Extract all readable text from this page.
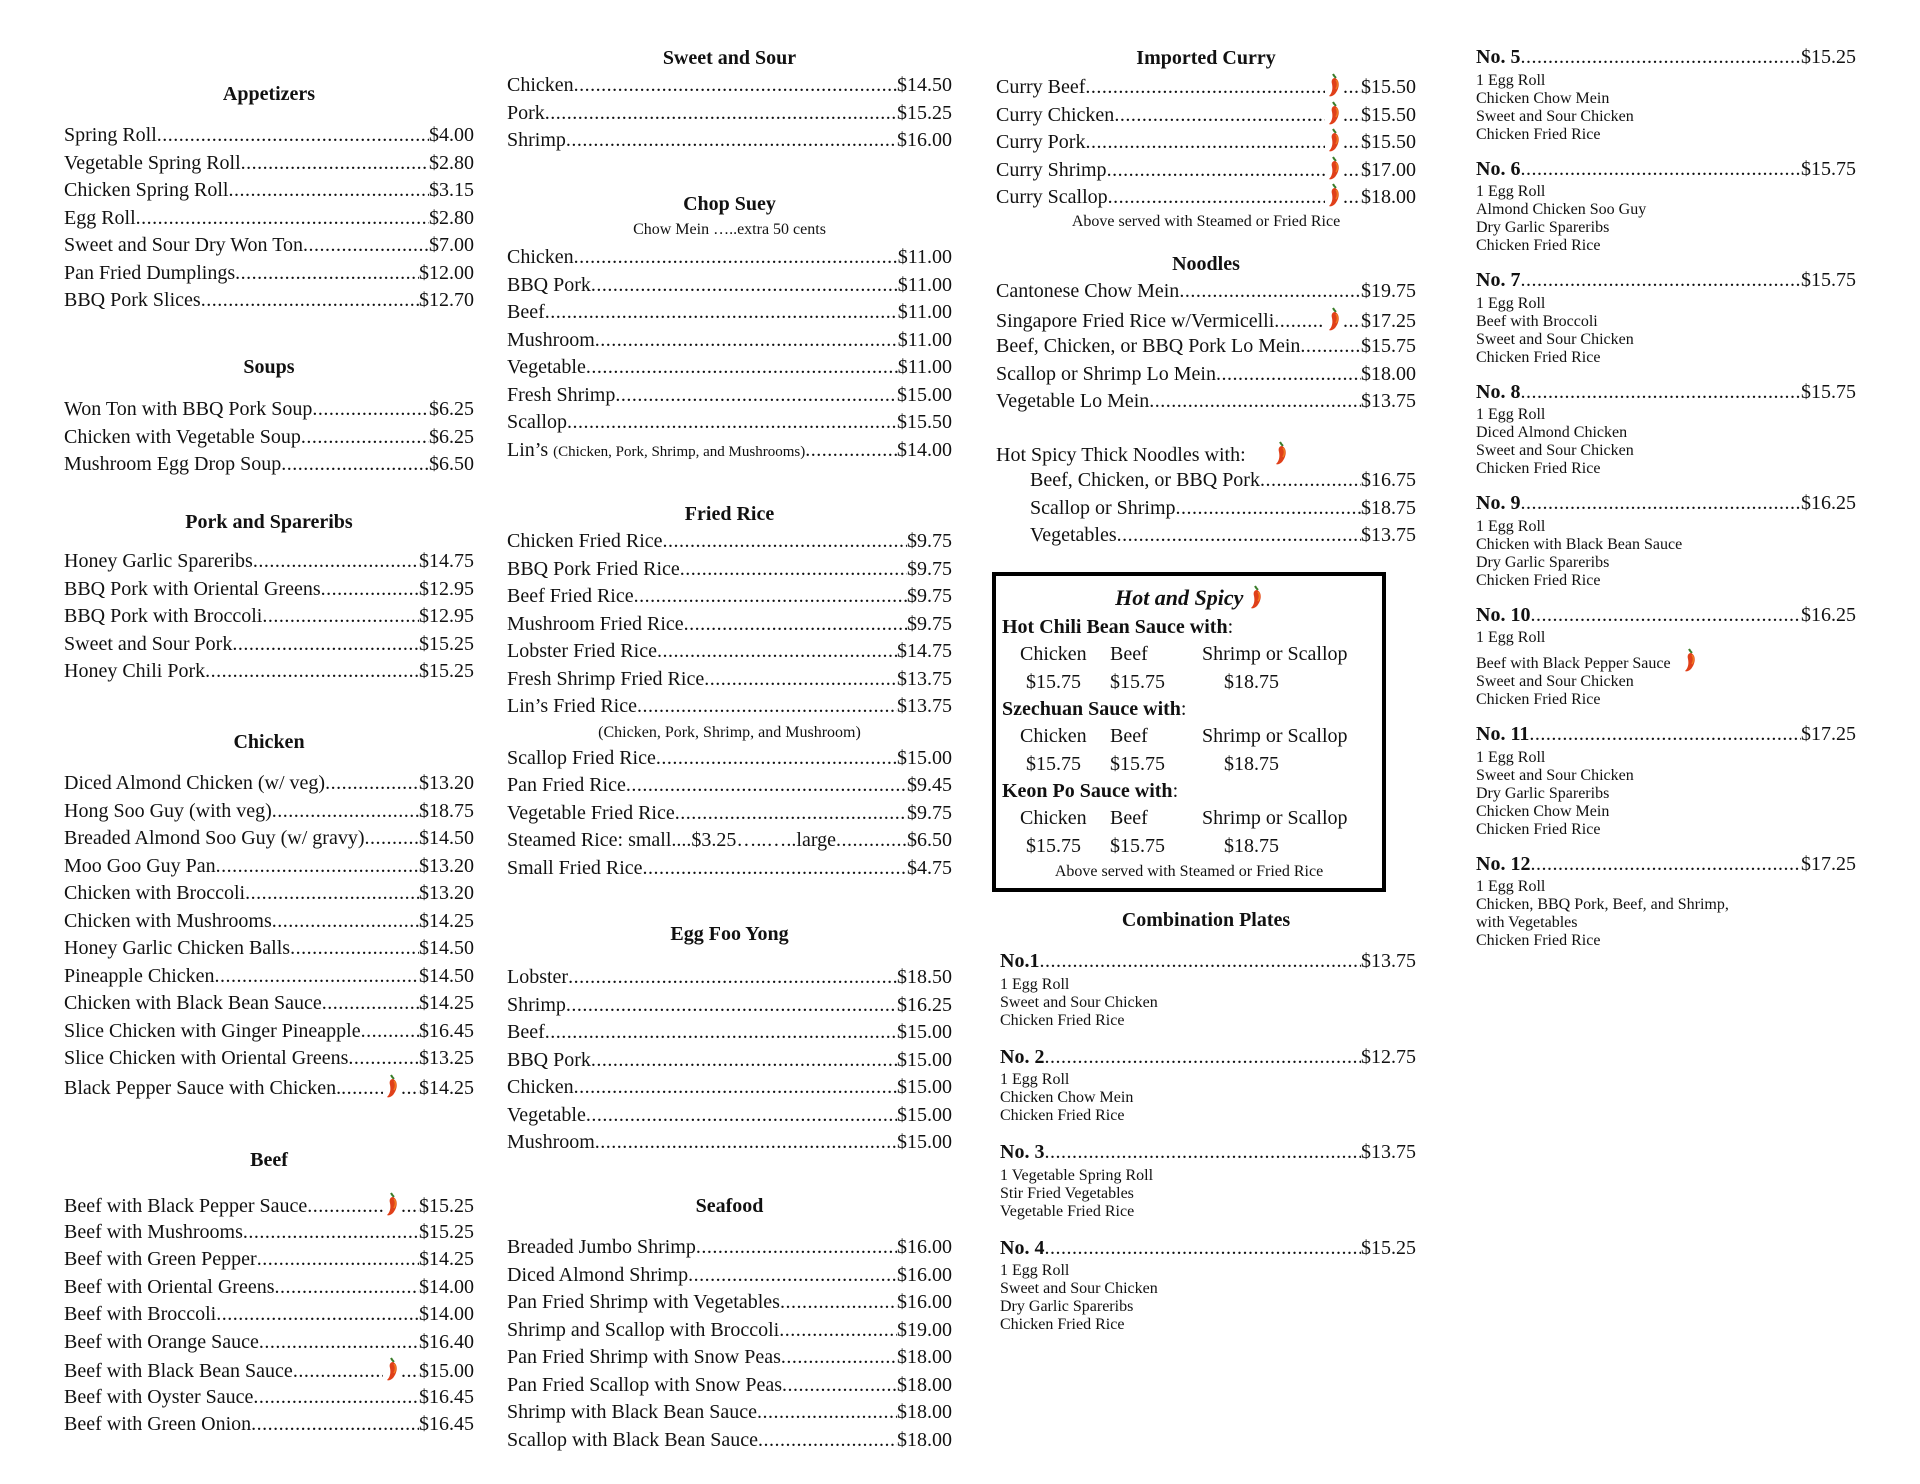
Appetizers
Spring Roll .....	$4.00
Vegetable Spring Roll .....	$2.80
Chicken Spring Roll .....	$3.15
Egg Roll .....	$2.80
Sweet and Sour Dry Won Ton .....	$7.00
Pan Fried Dumplings .....	$12.00
BBQ Pork Slices .....	$12.70
Soups
Won Ton with BBQ Pork Soup .....	$6.25
Chicken with Vegetable Soup .....	$6.25
Mushroom Egg Drop Soup .....	$6.50
Pork and Spareribs
Honey Garlic Spareribs .....	$14.75
BBQ Pork with Oriental Greens .....	$12.95
BBQ Pork with Broccoli .....	$12.95
Sweet and Sour Pork .....	$15.25
Honey Chili Pork .....	$15.25
Chicken
Diced Almond Chicken (w/ veg) .....	$13.20
Hong Soo Guy (with veg) .....	$18.75
Breaded Almond Soo Guy (w/ gravy) .....	$14.50
Moo Goo Guy Pan .....	$13.20
Chicken with Broccoli .....	$13.20
Chicken with Mushrooms .....	$14.25
Honey Garlic Chicken Balls .....	$14.50
Pineapple Chicken .....	$14.50
Chicken with Black Bean Sauce .....	$14.25
Slice Chicken with Ginger Pineapple .....	$16.45
Slice Chicken with Oriental Greens .....	$13.25
Black Pepper Sauce with Chicken. ..... .....	$14.25
Beef
Beef with Black Pepper Sauce ..... .....	$15.25
Beef with Mushrooms .....	$15.25
Beef with Green Pepper .....	$14.25
Beef with Oriental Greens .....	$14.00
Beef with Broccoli .....	$14.00
Beef with Orange Sauce .....	$16.40
Beef with Black Bean Sauce ..... .....	$15.00
Beef with Oyster Sauce .....	$16.45
Beef with Green Onion .....	$16.45
Sweet and Sour
Chicken .....	$14.50
Pork .....	$15.25
Shrimp .....	$16.00
Chop Suey
Chow Mein …..extra 50 cents
Chicken .....	$11.00
BBQ Pork .....	$11.00
Beef .....	$11.00
Mushroom .....	$11.00
Vegetable .....	$11.00
Fresh Shrimp .....	$15.00
Scallop .....	$15.50
Lin’s (Chicken, Pork, Shrimp, and Mushrooms) .....	$14.00
Fried Rice
Chicken Fried Rice .....	$9.75
BBQ Pork Fried Rice .....	$9.75
Beef Fried Rice .....	$9.75
Mushroom Fried Rice .....	$9.75
Lobster Fried Rice .....	$14.75
Fresh Shrimp Fried Rice .....	$13.75
Lin’s Fried Rice .....	$13.75
(Chicken, Pork, Shrimp, and Mushroom)
Scallop Fried Rice .....	$15.00
Pan Fried Rice .....	$9.45
Vegetable Fried Rice .....	$9.75
Steamed Rice: small....$3.25…..…..large .....	$6.50
Small Fried Rice .....	$4.75
Egg Foo Yong
Lobster .....	$18.50
Shrimp .....	$16.25
Beef .....	$15.00
BBQ Pork .....	$15.00
Chicken .....	$15.00
Vegetable .....	$15.00
Mushroom .....	$15.00
Seafood
Breaded Jumbo Shrimp .....	$16.00
Diced Almond Shrimp .....	$16.00
Pan Fried Shrimp with Vegetables .....	$16.00
Shrimp and Scallop with Broccoli .....	$19.00
Pan Fried Shrimp with Snow Peas .....	$18.00
Pan Fried Scallop with Snow Peas .....	$18.00
Shrimp with Black Bean Sauce .....	$18.00
Scallop with Black Bean Sauce .....	$18.00
Imported Curry
Curry Beef ..... .....	$15.50
Curry Chicken ..... .....	$15.50
Curry Pork ..... .....	$15.50
Curry Shrimp ..... .....	$17.00
Curry Scallop ..... .....	$18.00
Above served with Steamed or Fried Rice
Noodles
Cantonese Chow Mein .....	$19.75
Singapore Fried Rice w/Vermicelli ..... .....	$17.25
Beef, Chicken, or BBQ Pork Lo Mein .....	$15.75
Scallop or Shrimp Lo Mein .....	$18.00
Vegetable Lo Mein .....	$13.75
Hot Spicy Thick Noodles with:
Beef, Chicken, or BBQ Pork .....	$16.75
Scallop or Shrimp .....	$18.75
Vegetables .....	$13.75
Hot and Spicy
Hot Chili Bean Sauce with:
Chicken	Beef	Shrimp or Scallop
$15.75	$15.75	$18.75
Szechuan Sauce with:
Chicken	Beef	Shrimp or Scallop
$15.75	$15.75	$18.75
Keon Po Sauce with:
Chicken	Beef	Shrimp or Scallop
$15.75	$15.75	$18.75
Above served with Steamed or Fried Rice
Combination Plates
No.1 .....	$13.75
1 Egg Roll
Sweet and Sour Chicken
Chicken Fried Rice
No. 2 .....	$12.75
1 Egg Roll
Chicken Chow Mein
Chicken Fried Rice
No. 3 .....	$13.75
1 Vegetable Spring Roll
Stir Fried Vegetables
Vegetable Fried Rice
No. 4 .....	$15.25
1 Egg Roll
Sweet and Sour Chicken
Dry Garlic Spareribs
Chicken Fried Rice
No. 5 .....	$15.25
1 Egg Roll
Chicken Chow Mein
Sweet and Sour Chicken
Chicken Fried Rice
No. 6 .....	$15.75
1 Egg Roll
Almond Chicken Soo Guy
Dry Garlic Spareribs
Chicken Fried Rice
No. 7 .....	$15.75
1 Egg Roll
Beef with Broccoli
Sweet and Sour Chicken
Chicken Fried Rice
No. 8 .....	$15.75
1 Egg Roll
Diced Almond Chicken
Sweet and Sour Chicken
Chicken Fried Rice
No. 9 .....	$16.25
1 Egg Roll
Chicken with Black Bean Sauce
Dry Garlic Spareribs
Chicken Fried Rice
No. 10 .....	$16.25
1 Egg Roll
Beef with Black Pepper Sauce
Sweet and Sour Chicken
Chicken Fried Rice
No. 11 .....	$17.25
1 Egg Roll
Sweet and Sour Chicken
Dry Garlic Spareribs
Chicken Chow Mein
Chicken Fried Rice
No. 12 .....	$17.25
1 Egg Roll
Chicken, BBQ Pork, Beef, and Shrimp,
with Vegetables
Chicken Fried Rice
